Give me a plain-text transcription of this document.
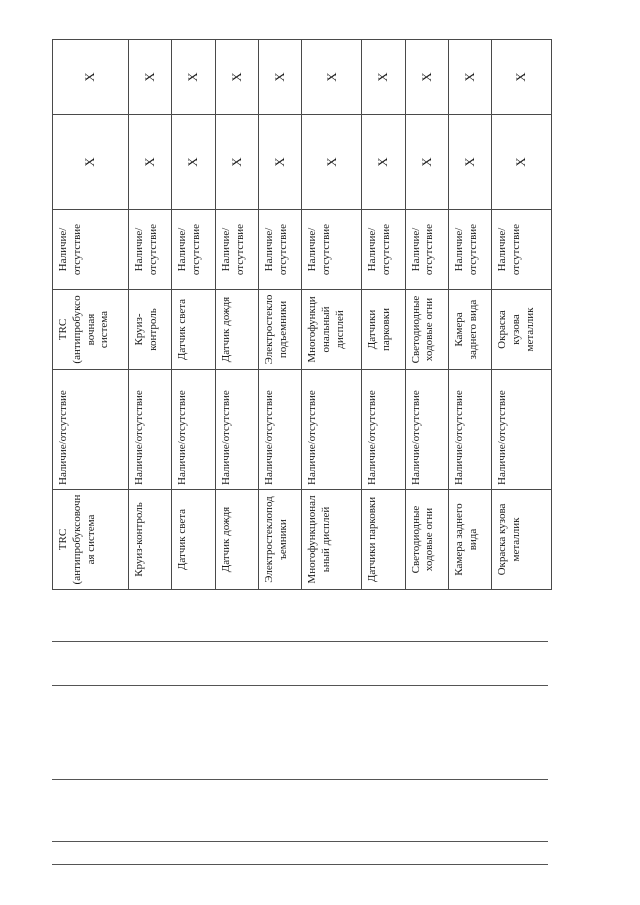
TRC (антипробуксовочная система	Наличие/отсутствие	TRC (антипробуксовочная система	Наличие/отсутствие	X	X
Круиз-контроль	Наличие/отсутствие	Круиз-контроль	Наличие/отсутствие	X	X
Датчик света	Наличие/отсутствие	Датчик света	Наличие/отсутствие	X	X
Датчик дождя	Наличие/отсутствие	Датчик дождя	Наличие/отсутствие	X	X
Электростеклоподъемники	Наличие/отсутствие	Электростеклоподъемники	Наличие/отсутствие	X	X
Многофункциональный дисплей	Наличие/отсутствие	Многофункциональный дисплей	Наличие/отсутствие	X	X
Датчики парковки	Наличие/отсутствие	Датчики парковки	Наличие/отсутствие	X	X
Светодиодные ходовые огни	Наличие/отсутствие	Светодиодные ходовые огни	Наличие/отсутствие	X	X
Камера заднего вида	Наличие/отсутствие	Камера заднего вида	Наличие/отсутствие	X	X
Окраска кузова металлик	Наличие/отсутствие	Окраска кузова металлик	Наличие/отсутствие	X	X
